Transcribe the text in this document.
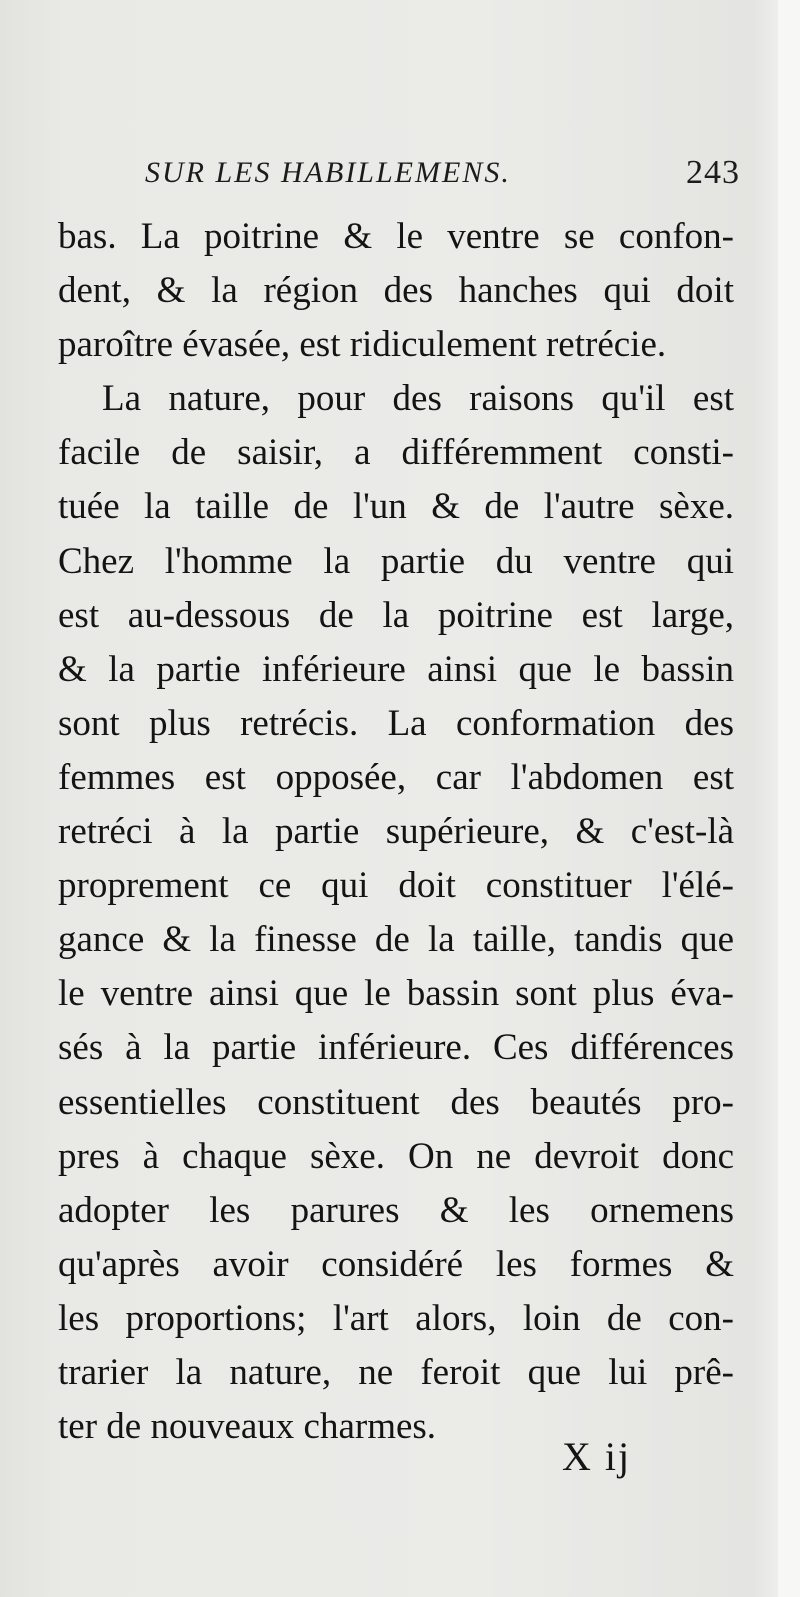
SUR LES HABILLEMENS.	243
bas. La poitrine & le ventre se confon-
dent, & la région des hanches qui doit
paroître évasée, est ridiculement retrécie.
La nature, pour des raisons qu'il est
facile de saisir, a différemment consti-
tuée la taille de l'un & de l'autre sèxe.
Chez l'homme la partie du ventre qui
est au-dessous de la poitrine est large,
& la partie inférieure ainsi que le bassin
sont plus retrécis. La conformation des
femmes est opposée, car l'abdomen est
retréci à la partie supérieure, & c'est-là
proprement ce qui doit constituer l'élé-
gance & la finesse de la taille, tandis que
le ventre ainsi que le bassin sont plus éva-
sés à la partie inférieure. Ces différences
essentielles constituent des beautés pro-
pres à chaque sèxe. On ne devroit donc
adopter les parures & les ornemens
qu'après avoir considéré les formes &
les proportions; l'art alors, loin de con-
trarier la nature, ne feroit que lui prê-
ter de nouveaux charmes.
X ij
